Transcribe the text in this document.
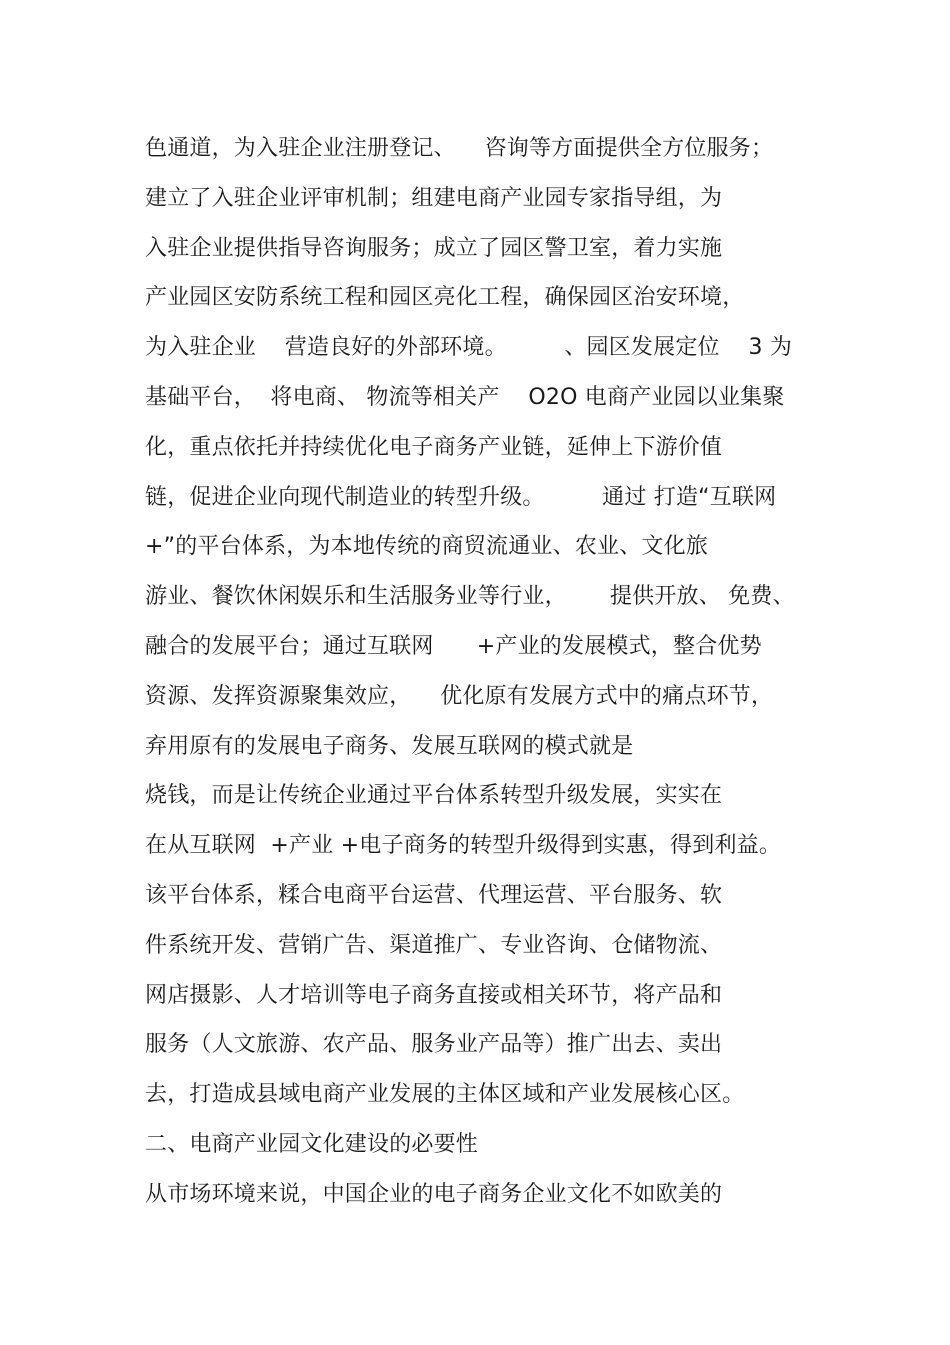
色通道，为入驻企业注册登记、    咨询等方面提供全方位服务；
建立了入驻企业评审机制；组建电商产业园专家指导组，为
入驻企业提供指导咨询服务；成立了园区警卫室，着力实施
产业园区安防系统工程和园区亮化工程，确保园区治安环境，
为入驻企业    营造良好的外部环境。        、园区发展定位    3 为
基础平台，  将电商、 物流等相关产    O2O 电商产业园以业集聚
化，重点依托并持续优化电子商务产业链，延伸上下游价值
链，促进企业向现代制造业的转型升级。        通过 打造“互联网
+”的平台体系，为本地传统的商贸流通业、农业、文化旅
游业、餐饮休闲娱乐和生活服务业等行业，      提供开放、 免费、
融合的发展平台；通过互联网      +产业的发展模式，整合优势
资源、发挥资源聚集效应，    优化原有发展方式中的痛点环节，
弃用原有的发展电子商务、发展互联网的模式就是
烧钱，而是让传统企业通过平台体系转型升级发展，实实在
在从互联网  +产业 +电子商务的转型升级得到实惠，得到利益。
该平台体系，糅合电商平台运营、代理运营、平台服务、软
件系统开发、营销广告、渠道推广、专业咨询、仓储物流、
网店摄影、人才培训等电子商务直接或相关环节，将产品和
服务（人文旅游、农产品、服务业产品等）推广出去、卖出
去，打造成县域电商产业发展的主体区域和产业发展核心区。
二、电商产业园文化建设的必要性
从市场环境来说，中国企业的电子商务企业文化不如欧美的
